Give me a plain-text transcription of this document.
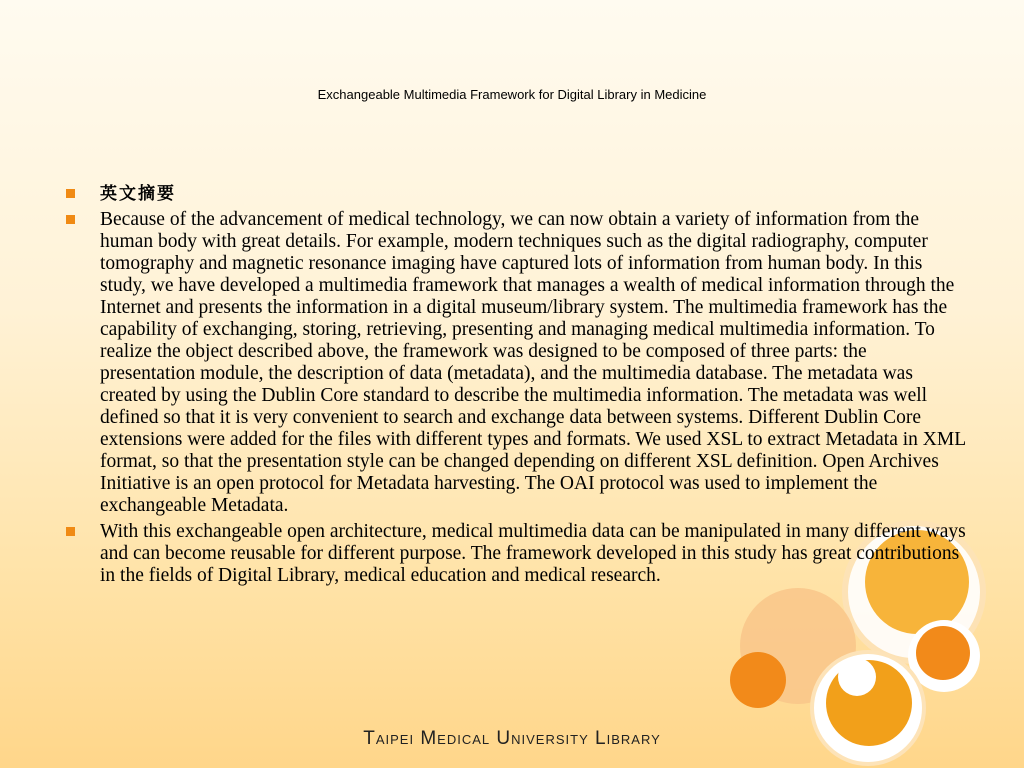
Exchangeable Multimedia Framework for Digital Library in Medicine
英文摘要
Because of the advancement of medical technology, we can now obtain a variety of information from the human body with great details. For example, modern techniques such as the digital radiography, computer tomography and magnetic resonance imaging have captured lots of information from human body. In this study, we have developed a multimedia framework that manages a wealth of medical information through the Internet and presents the information in a digital museum/library system. The multimedia framework has the capability of exchanging, storing, retrieving, presenting and managing medical multimedia information. To realize the object described above, the framework was designed to be composed of three parts: the presentation module, the description of data (metadata), and the multimedia database. The metadata was created by using the Dublin Core standard to describe the multimedia information. The metadata was well defined so that it is very convenient to search and exchange data between systems. Different Dublin Core extensions were added for the files with different types and formats. We used XSL to extract Metadata in XML format, so that the presentation style can be changed depending on different XSL definition. Open Archives Initiative is an open protocol for Metadata harvesting. The OAI protocol was used to implement the exchangeable Metadata.
With this exchangeable open architecture, medical multimedia data can be manipulated in many different ways and can become reusable for different purpose. The framework developed in this study has great contributions in the fields of Digital Library, medical education and medical research.
Taipei Medical University Library
